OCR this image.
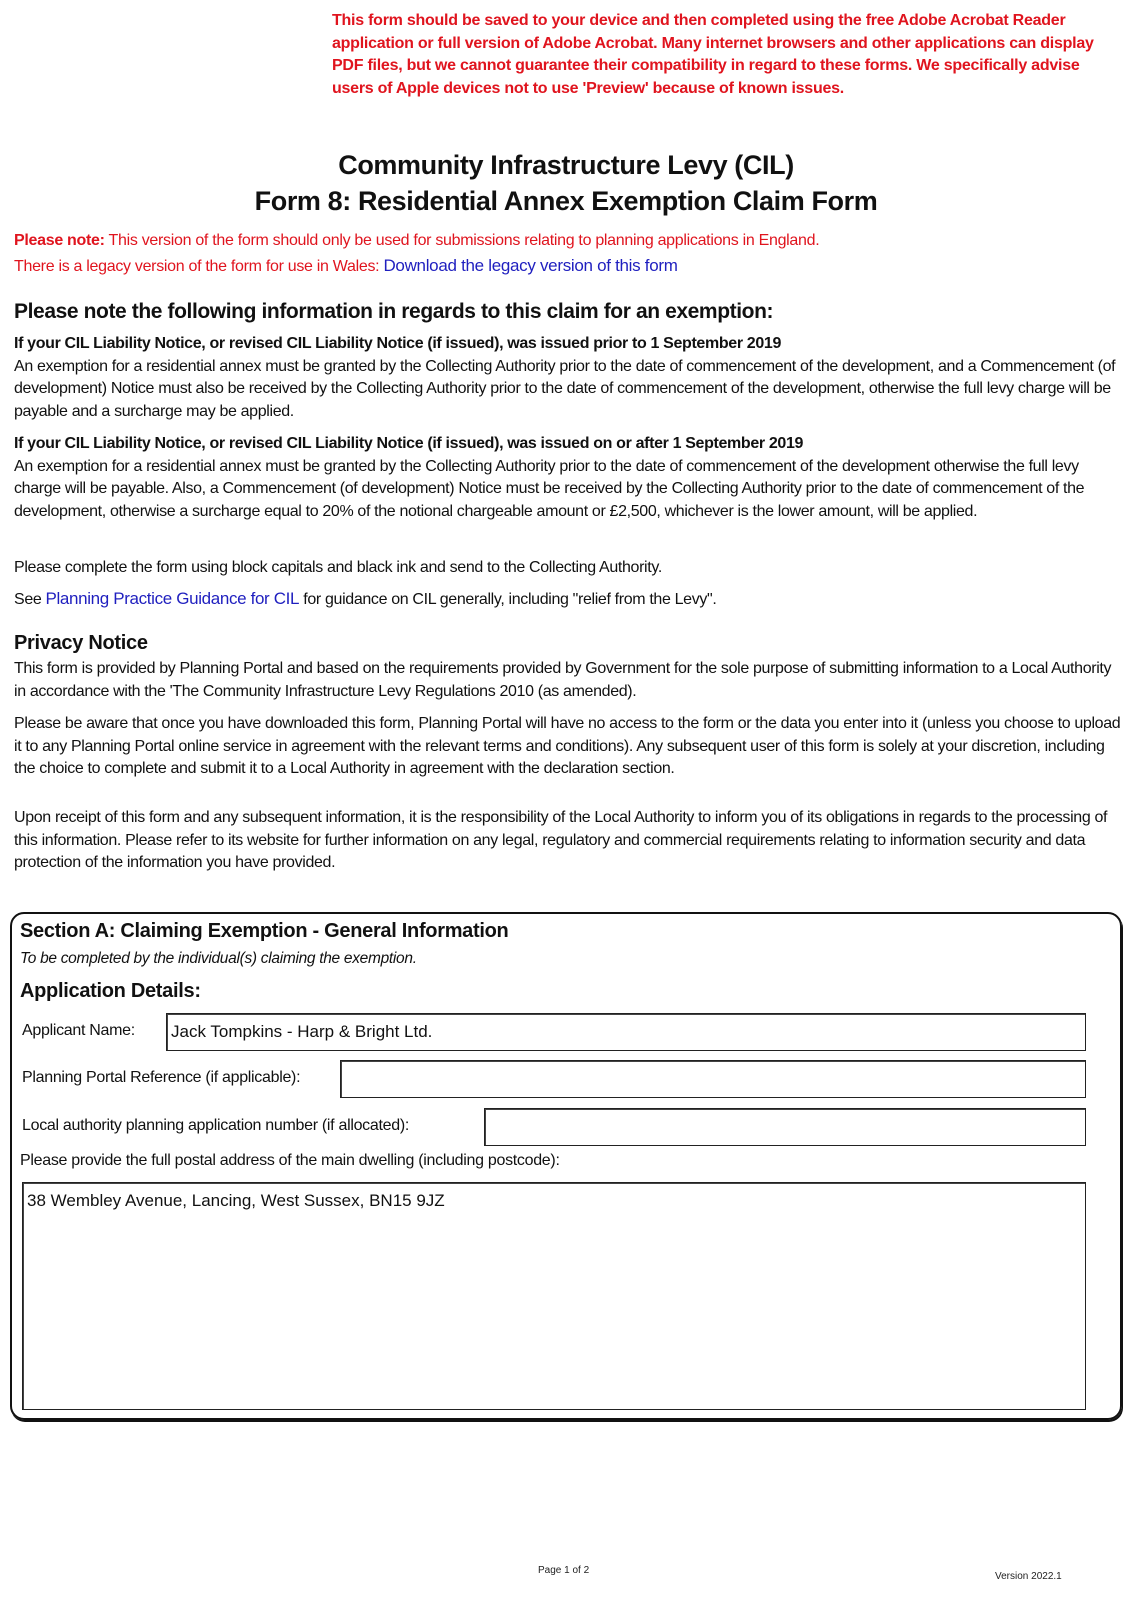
This form should be saved to your device and then completed using the free Adobe Acrobat Reader application or full version of Adobe Acrobat. Many internet browsers and other applications can display PDF files, but we cannot guarantee their compatibility in regard to these forms. We specifically advise users of Apple devices not to use 'Preview' because of known issues.
Community Infrastructure Levy (CIL)
Form 8: Residential Annex Exemption Claim Form
Please note: This version of the form should only be used for submissions relating to planning applications in England.
There is a legacy version of the form for use in Wales: Download the legacy version of this form
Please note the following information in regards to this claim for an exemption:
If your CIL Liability Notice, or revised CIL Liability Notice (if issued), was issued prior to 1 September 2019
An exemption for a residential annex must be granted by the Collecting Authority prior to the date of commencement of the development, and a Commencement (of development) Notice must also be received by the Collecting Authority prior to the date of commencement of the development, otherwise the full levy charge will be payable and a surcharge may be applied.
If your CIL Liability Notice, or revised CIL Liability Notice (if issued), was issued on or after 1 September 2019
An exemption for a residential annex must be granted by the Collecting Authority prior to the date of commencement of the development otherwise the full levy charge will be payable. Also, a Commencement (of development) Notice must be received by the Collecting Authority prior to the date of commencement of the development, otherwise a surcharge equal to 20% of the notional chargeable amount or £2,500, whichever is the lower amount, will be applied.
Please complete the form using block capitals and black ink and send to the Collecting Authority.
See Planning Practice Guidance for CIL for guidance on CIL generally, including "relief from the Levy".
Privacy Notice
This form is provided by Planning Portal and based on the requirements provided by Government for the sole purpose of submitting information to a Local Authority in accordance with the 'The Community Infrastructure Levy Regulations 2010 (as amended).
Please be aware that once you have downloaded this form, Planning Portal will have no access to the form or the data you enter into it (unless you choose to upload it to any Planning Portal online service in agreement with the relevant terms and conditions). Any subsequent user of this form is solely at your discretion, including the choice to complete and submit it to a Local Authority in agreement with the declaration section.
Upon receipt of this form and any subsequent information, it is the responsibility of the Local Authority to inform you of its obligations in regards to the processing of this information. Please refer to its website for further information on any legal, regulatory and commercial requirements relating to information security and data protection of the information you have provided.
Section A: Claiming Exemption - General Information
To be completed by the individual(s) claiming the exemption.
Application Details:
Applicant Name: Jack Tompkins - Harp & Bright Ltd.
Planning Portal Reference (if applicable):
Local authority planning application number (if allocated):
Please provide the full postal address of the main dwelling (including postcode):
38 Wembley Avenue, Lancing, West Sussex, BN15 9JZ
Page 1 of 2
Version 2022.1
